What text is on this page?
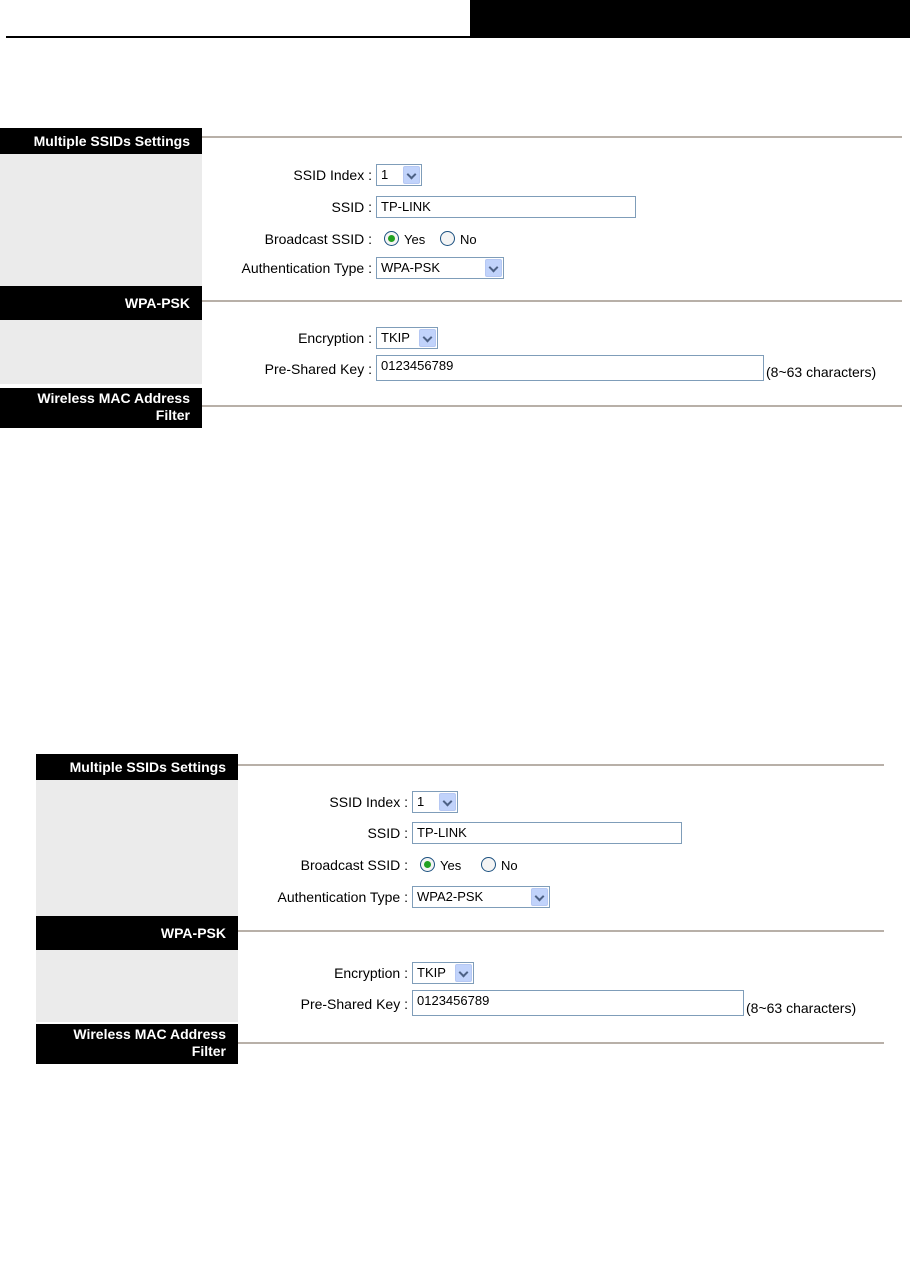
Multiple SSIDs Settings
SSID Index : 1
SSID : TP-LINK
Broadcast SSID : Yes	No
Authentication Type : WPA-PSK
WPA-PSK
Encryption : TKIP
Pre-Shared Key : 0123456789	(8~63 characters)
Wireless MAC Address
Filter
Multiple SSIDs Settings
SSID Index : 1
SSID : TP-LINK
Broadcast SSID : Yes	No
Authentication Type : WPA2-PSK
WPA-PSK
Encryption : TKIP
Pre-Shared Key : 0123456789	(8~63 characters)
Wireless MAC Address
Filter
